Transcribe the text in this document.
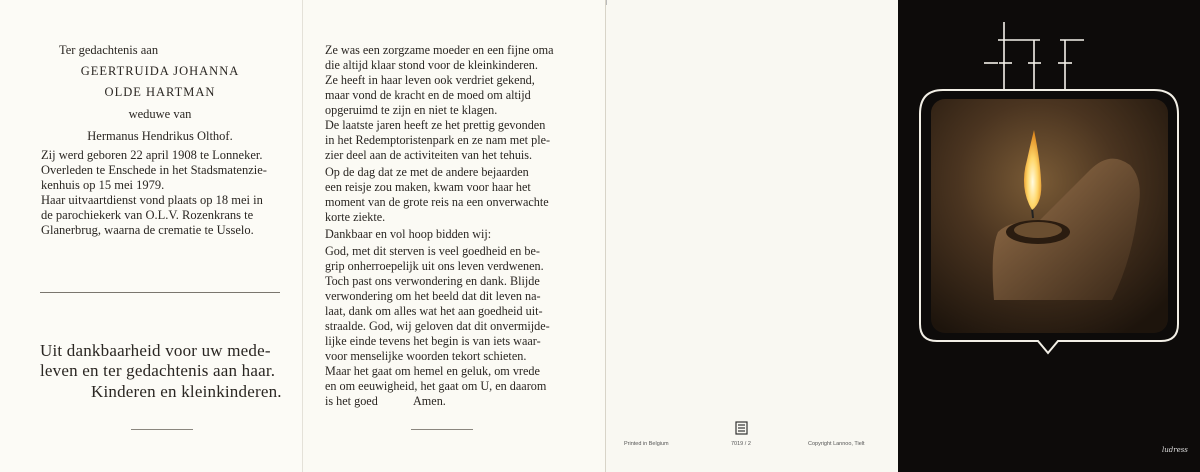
Ter gedachtenis aan
GEERTRUIDA JOHANNA
OLDE HARTMAN
weduwe van
Hermanus Hendrikus Olthof.
Zij werd geboren 22 april 1908 te Lonneker.
Overleden te Enschede in het Stadsmatenzie-
kenhuis op 15 mei 1979.
Haar uitvaartdienst vond plaats op 18 mei in
de parochiekerk van O.L.V. Rozenkrans te
Glanerbrug, waarna de crematie te Usselo.
Uit dankbaarheid voor uw mede-
leven en ter gedachtenis aan haar.
Kinderen en kleinkinderen.
Ze was een zorgzame moeder en een fijne oma
die altijd klaar stond voor de kleinkinderen.
Ze heeft in haar leven ook verdriet gekend,
maar vond de kracht en de moed om altijd
opgeruimd te zijn en niet te klagen.
De laatste jaren heeft ze het prettig gevonden
in het Redemptoristenpark en ze nam met ple-
zier deel aan de activiteiten van het tehuis.
Op de dag dat ze met de andere bejaarden
een reisje zou maken, kwam voor haar het
moment van de grote reis na een onverwachte
korte ziekte.
Dankbaar en vol hoop bidden wij:
God, met dit sterven is veel goedheid en be-
grip onherroepelijk uit ons leven verdwenen.
Toch past ons verwondering en dank. Blijde
verwondering om het beeld dat dit leven na-
laat, dank om alles wat het aan goedheid uit-
straalde. God, wij geloven dat dit onvermijde-
lijke einde tevens het begin is van iets waar-
voor menselijke woorden tekort schieten.
Maar het gaat om hemel en geluk, om vrede
en om eeuwigheid, het gaat om U, en daarom
is het goed	Amen.
Printed in Belgium	7019 / 2	Copyright Lannoo, Tielt
ludress
